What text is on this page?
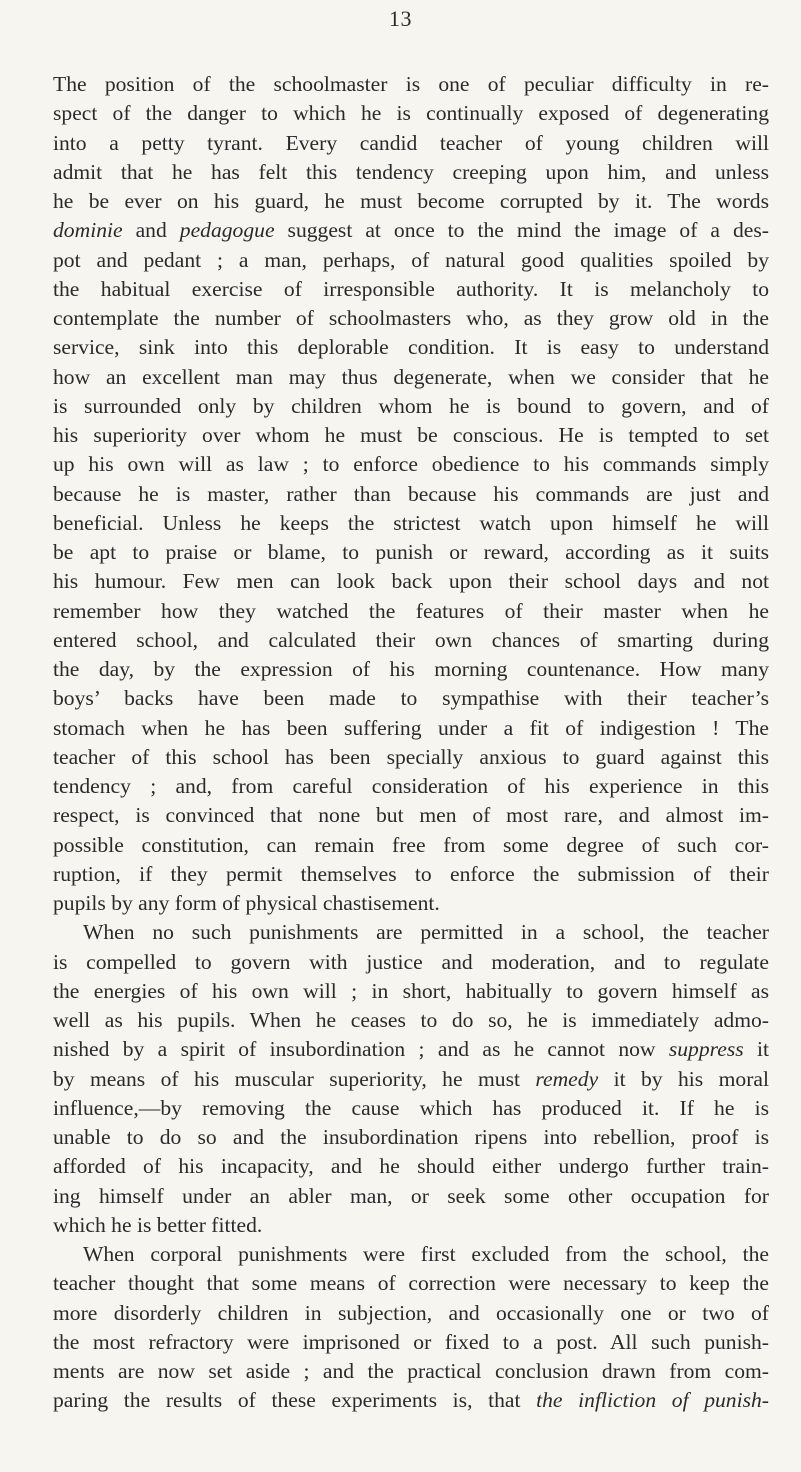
13
The position of the schoolmaster is one of peculiar difficulty in re-
spect of the danger to which he is continually exposed of degenerating
into a petty tyrant. Every candid teacher of young children will
admit that he has felt this tendency creeping upon him, and unless
he be ever on his guard, he must become corrupted by it. The words
dominie and pedagogue suggest at once to the mind the image of a des-
pot and pedant ; a man, perhaps, of natural good qualities spoiled by
the habitual exercise of irresponsible authority. It is melancholy to
contemplate the number of schoolmasters who, as they grow old in the
service, sink into this deplorable condition. It is easy to understand
how an excellent man may thus degenerate, when we consider that he
is surrounded only by children whom he is bound to govern, and of
his superiority over whom he must be conscious. He is tempted to set
up his own will as law ; to enforce obedience to his commands simply
because he is master, rather than because his commands are just and
beneficial. Unless he keeps the strictest watch upon himself he will
be apt to praise or blame, to punish or reward, according as it suits
his humour. Few men can look back upon their school days and not
remember how they watched the features of their master when he
entered school, and calculated their own chances of smarting during
the day, by the expression of his morning countenance. How many
boys’ backs have been made to sympathise with their teacher’s
stomach when he has been suffering under a fit of indigestion ! The
teacher of this school has been specially anxious to guard against this
tendency ; and, from careful consideration of his experience in this
respect, is convinced that none but men of most rare, and almost im-
possible constitution, can remain free from some degree of such cor-
ruption, if they permit themselves to enforce the submission of their
pupils by any form of physical chastisement.
When no such punishments are permitted in a school, the teacher
is compelled to govern with justice and moderation, and to regulate
the energies of his own will ; in short, habitually to govern himself as
well as his pupils. When he ceases to do so, he is immediately admo-
nished by a spirit of insubordination ; and as he cannot now suppress it
by means of his muscular superiority, he must remedy it by his moral
influence,—by removing the cause which has produced it. If he is
unable to do so and the insubordination ripens into rebellion, proof is
afforded of his incapacity, and he should either undergo further train-
ing himself under an abler man, or seek some other occupation for
which he is better fitted.
When corporal punishments were first excluded from the school, the
teacher thought that some means of correction were necessary to keep the
more disorderly children in subjection, and occasionally one or two of
the most refractory were imprisoned or fixed to a post. All such punish-
ments are now set aside ; and the practical conclusion drawn from com-
paring the results of these experiments is, that the infliction of punish-
